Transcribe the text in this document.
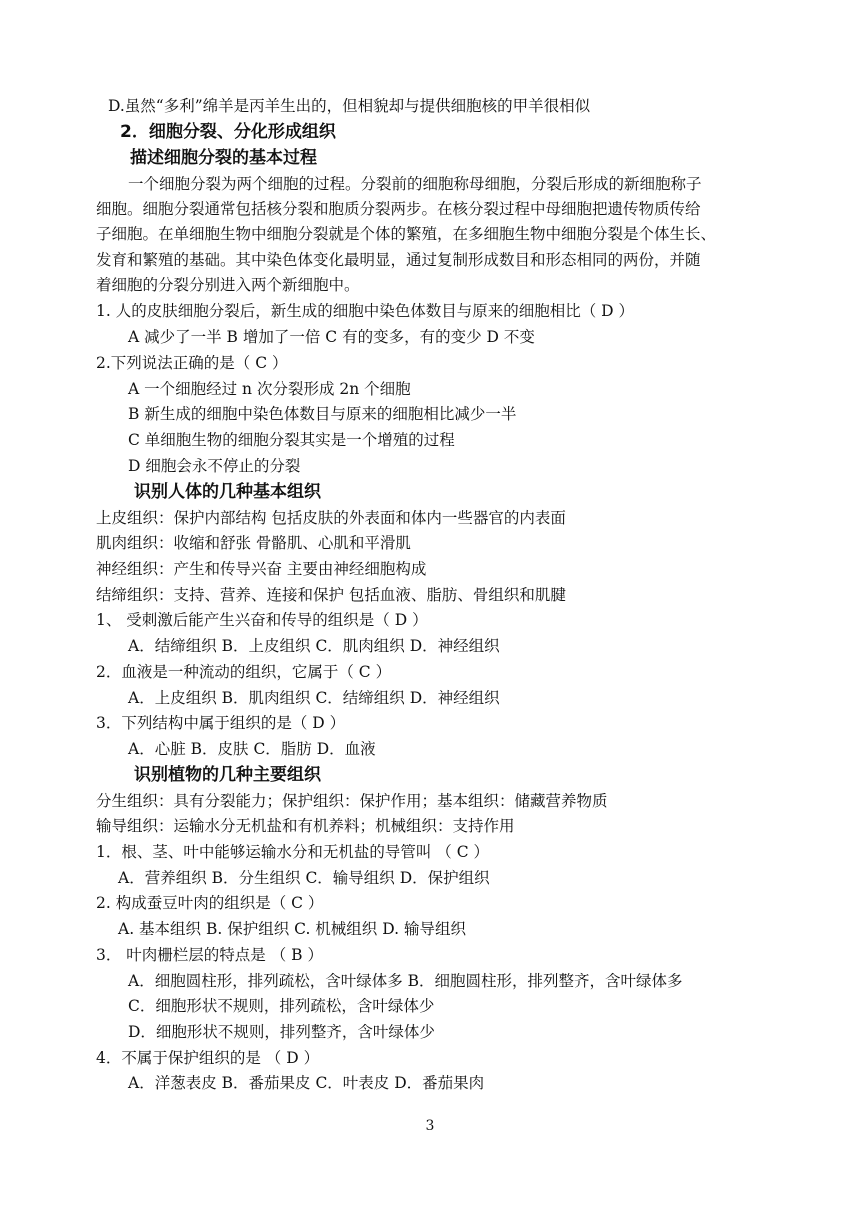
D.虽然“多利”绵羊是丙羊生出的，但相貌却与提供细胞核的甲羊很相似
2．细胞分裂、分化形成组织
描述细胞分裂的基本过程
一个细胞分裂为两个细胞的过程。分裂前的细胞称母细胞，分裂后形成的新细胞称子
细胞。细胞分裂通常包括核分裂和胞质分裂两步。在核分裂过程中母细胞把遗传物质传给
子细胞。在单细胞生物中细胞分裂就是个体的繁殖，在多细胞生物中细胞分裂是个体生长、
发育和繁殖的基础。其中染色体变化最明显，通过复制形成数目和形态相同的两份，并随
着细胞的分裂分别进入两个新细胞中。
1. 人的皮肤细胞分裂后，新生成的细胞中染色体数目与原来的细胞相比（ D ）
A 减少了一半 B 增加了一倍 C 有的变多，有的变少 D 不变
2.下列说法正确的是（ C ）
A 一个细胞经过 n 次分裂形成 2n 个细胞
B 新生成的细胞中染色体数目与原来的细胞相比减少一半
C 单细胞生物的细胞分裂其实是一个增殖的过程
D 细胞会永不停止的分裂
识别人体的几种基本组织
上皮组织：保护内部结构 包括皮肤的外表面和体内一些器官的内表面
肌肉组织：收缩和舒张 骨骼肌、心肌和平滑肌
神经组织：产生和传导兴奋 主要由神经细胞构成
结缔组织：支持、营养、连接和保护 包括血液、脂肪、骨组织和肌腱
1、 受刺激后能产生兴奋和传导的组织是（ D ）
A．结缔组织 B．上皮组织 C．肌肉组织 D．神经组织
2．血液是一种流动的组织，它属于（ C ）
A．上皮组织 B．肌肉组织 C．结缔组织 D．神经组织
3．下列结构中属于组织的是（ D ）
A．心脏 B．皮肤 C．脂肪 D．血液
识别植物的几种主要组织
分生组织：具有分裂能力；保护组织：保护作用；基本组织：储藏营养物质
输导组织：运输水分无机盐和有机养料；机械组织：支持作用
1．根、茎、叶中能够运输水分和无机盐的导管叫 （ C ）
A．营养组织 B．分生组织 C．输导组织 D．保护组织
2. 构成蚕豆叶肉的组织是（ C ）
A. 基本组织 B. 保护组织 C. 机械组织 D. 输导组织
3． 叶肉栅栏层的特点是 （ B ）
A．细胞圆柱形，排列疏松，含叶绿体多 B．细胞圆柱形，排列整齐，含叶绿体多
C．细胞形状不规则，排列疏松，含叶绿体少
D．细胞形状不规则，排列整齐，含叶绿体少
4．不属于保护组织的是 （ D ）
A．洋葱表皮 B．番茄果皮 C．叶表皮 D．番茄果肉
3
